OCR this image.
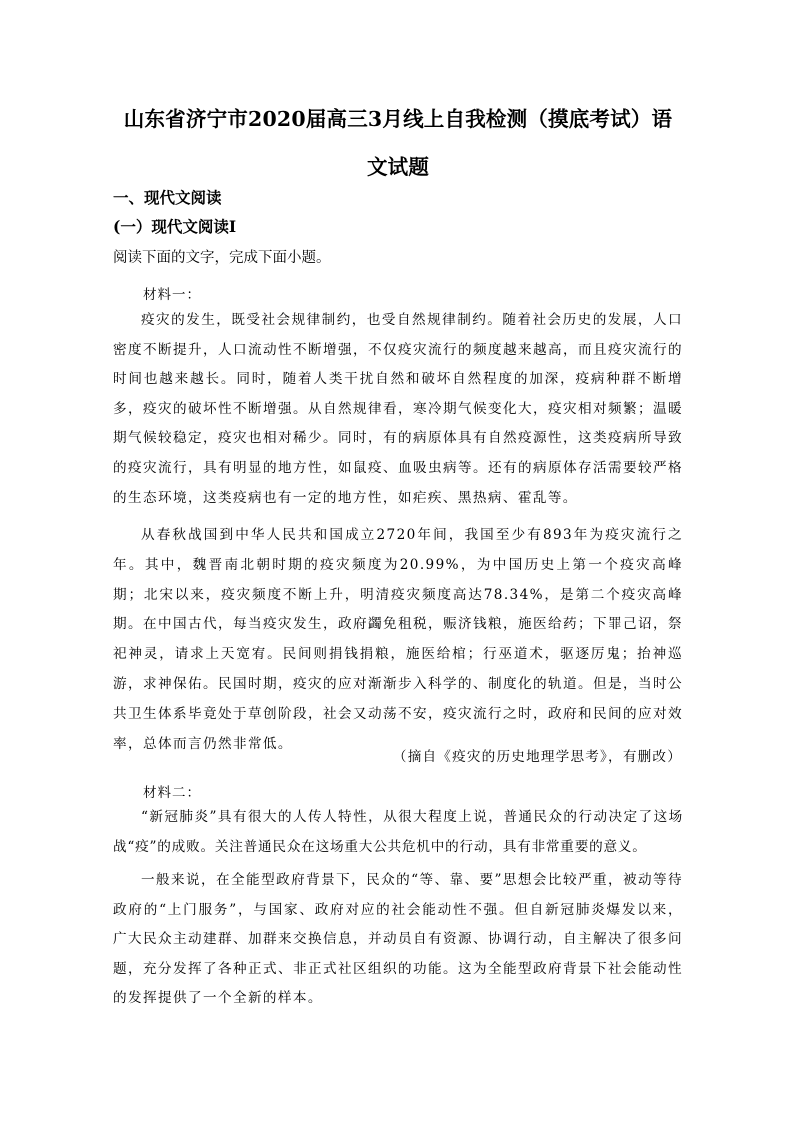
山东省济宁市2020届高三3月线上自我检测（摸底考试）语
文试题
一、现代文阅读
(一）现代文阅读Ⅰ
阅读下面的文字，完成下面小题。
材料一：

疫灾的发生，既受社会规律制约，也受自然规律制约。随着社会历史的发展，人口密度不断提升，人口流动性不断增强，不仅疫灾流行的频度越来越高，而且疫灾流行的时间也越来越长。同时，随着人类干扰自然和破坏自然程度的加深，疫病种群不断增多，疫灾的破坏性不断增强。从自然规律看，寒冷期气候变化大，疫灾相对频繁；温暖期气候较稳定，疫灾也相对稀少。同时，有的病原体具有自然疫源性，这类疫病所导致的疫灾流行，具有明显的地方性，如鼠疫、血吸虫病等。还有的病原体存活需要较严格的生态环境，这类疫病也有一定的地方性，如疟疾、黑热病、霍乱等。

从春秋战国到中华人民共和国成立2720年间，我国至少有893年为疫灾流行之年。其中，魏晋南北朝时期的疫灾频度为20.99%，为中国历史上第一个疫灾高峰期；北宋以来，疫灾频度不断上升，明清疫灾频度高达78.34%，是第二个疫灾高峰期。在中国古代，每当疫灾发生，政府蠲免租税，赈济钱粮，施医给药；下罪己诏，祭祀神灵，请求上天宽宥。民间则捐钱捐粮，施医给棺；行巫道术，驱逐厉鬼；抬神巡游，求神保佑。民国时期，疫灾的应对渐渐步入科学的、制度化的轨道。但是，当时公共卫生体系毕竟处于草创阶段，社会又动荡不安，疫灾流行之时，政府和民间的应对效率，总体而言仍然非常低。

（摘自《疫灾的历史地理学思考》，有删改）
材料二：

“新冠肺炎”具有很大的人传人特性，从很大程度上说，普通民众的行动决定了这场战“疫”的成败。关注普通民众在这场重大公共危机中的行动，具有非常重要的意义。

一般来说，在全能型政府背景下，民众的“等、靠、要”思想会比较严重，被动等待政府的“上门服务”，与国家、政府对应的社会能动性不强。但自新冠肺炎爆发以来，广大民众主动建群、加群来交换信息，并动员自有资源、协调行动，自主解决了很多问题，充分发挥了各种正式、非正式社区组织的功能。这为全能型政府背景下社会能动性的发挥提供了一个全新的样本。
